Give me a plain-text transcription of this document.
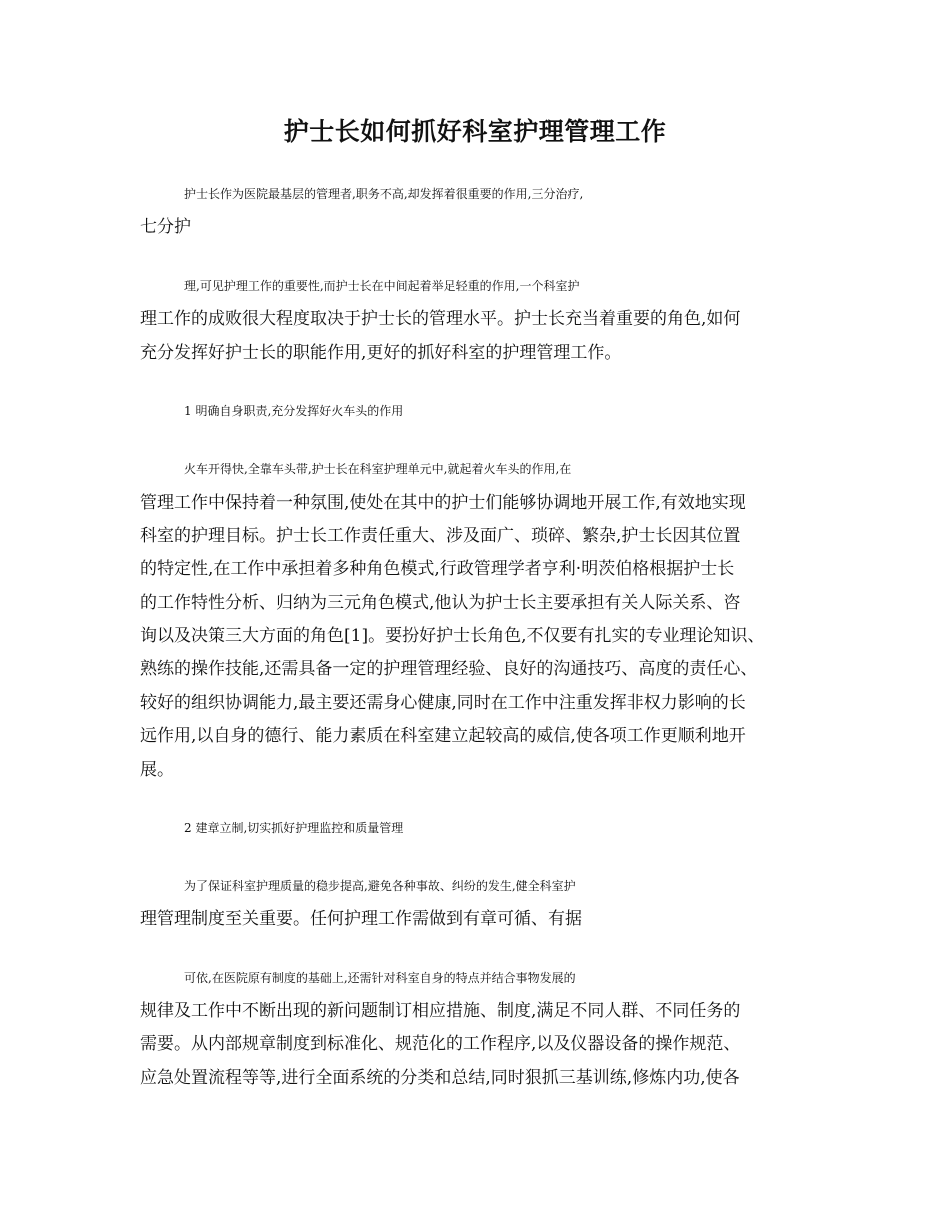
护士长如何抓好科室护理管理工作
护士长作为医院最基层的管理者,职务不高,却发挥着很重要的作用,三分治疗,
七分护
理,可见护理工作的重要性,而护士长在中间起着举足轻重的作用,一个科室护
理工作的成败很大程度取决于护士长的管理水平。护士长充当着重要的角色,如何
充分发挥好护士长的职能作用,更好的抓好科室的护理管理工作。
1 明确自身职责,充分发挥好火车头的作用
火车开得快,全靠车头带,护士长在科室护理单元中,就起着火车头的作用,在
管理工作中保持着一种氛围,使处在其中的护士们能够协调地开展工作,有效地实现
科室的护理目标。护士长工作责任重大、涉及面广、琐碎、繁杂,护士长因其位置
的特定性,在工作中承担着多种角色模式,行政管理学者亨利·明茨伯格根据护士长
的工作特性分析、归纳为三元角色模式,他认为护士长主要承担有关人际关系、咨
询以及决策三大方面的角色[1]。要扮好护士长角色,不仅要有扎实的专业理论知识、
熟练的操作技能,还需具备一定的护理管理经验、良好的沟通技巧、高度的责任心、
较好的组织协调能力,最主要还需身心健康,同时在工作中注重发挥非权力影响的长
远作用,以自身的德行、能力素质在科室建立起较高的威信,使各项工作更顺利地开
展。
2 建章立制,切实抓好护理监控和质量管理
为了保证科室护理质量的稳步提高,避免各种事故、纠纷的发生,健全科室护
理管理制度至关重要。任何护理工作需做到有章可循、有据
可依,在医院原有制度的基础上,还需针对科室自身的特点并结合事物发展的
规律及工作中不断出现的新问题制订相应措施、制度,满足不同人群、不同任务的
需要。从内部规章制度到标准化、规范化的工作程序,以及仪器设备的操作规范、
应急处置流程等等,进行全面系统的分类和总结,同时狠抓三基训练,修炼内功,使各
